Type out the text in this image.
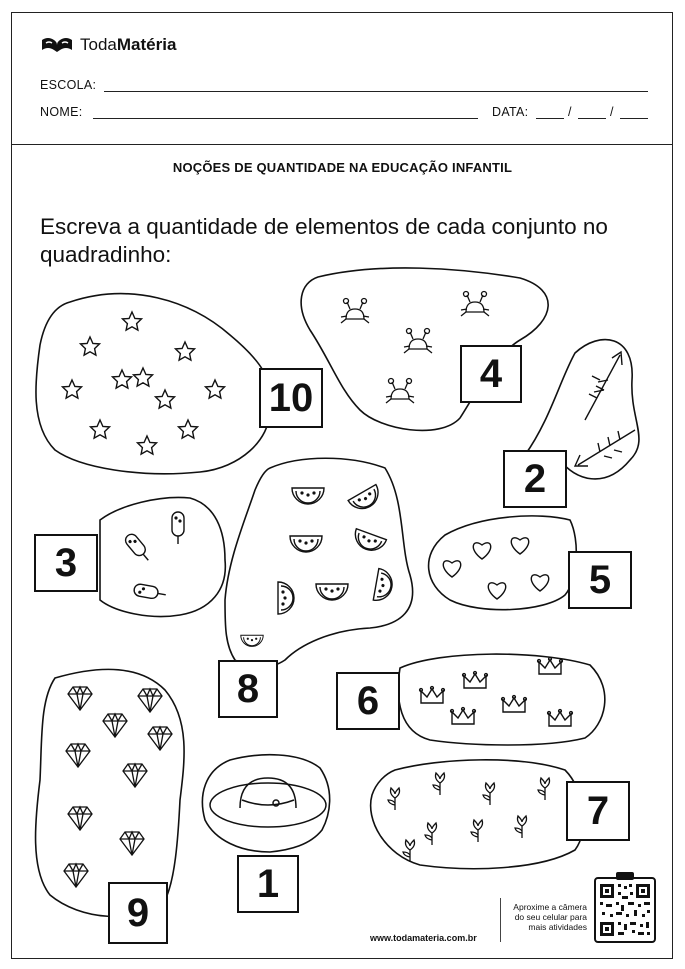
TodaMatéria
ESCOLA:
NOME:	DATA:	/	/
NOÇÕES DE QUANTIDADE NA EDUCAÇÃO INFANTIL
Escreva a quantidade de elementos de cada conjunto no quadradinho:
10
4
2
3
8
5
6
9
1
7
Aproxime a câmera do seu celular para mais atividades
www.todamateria.com.br
